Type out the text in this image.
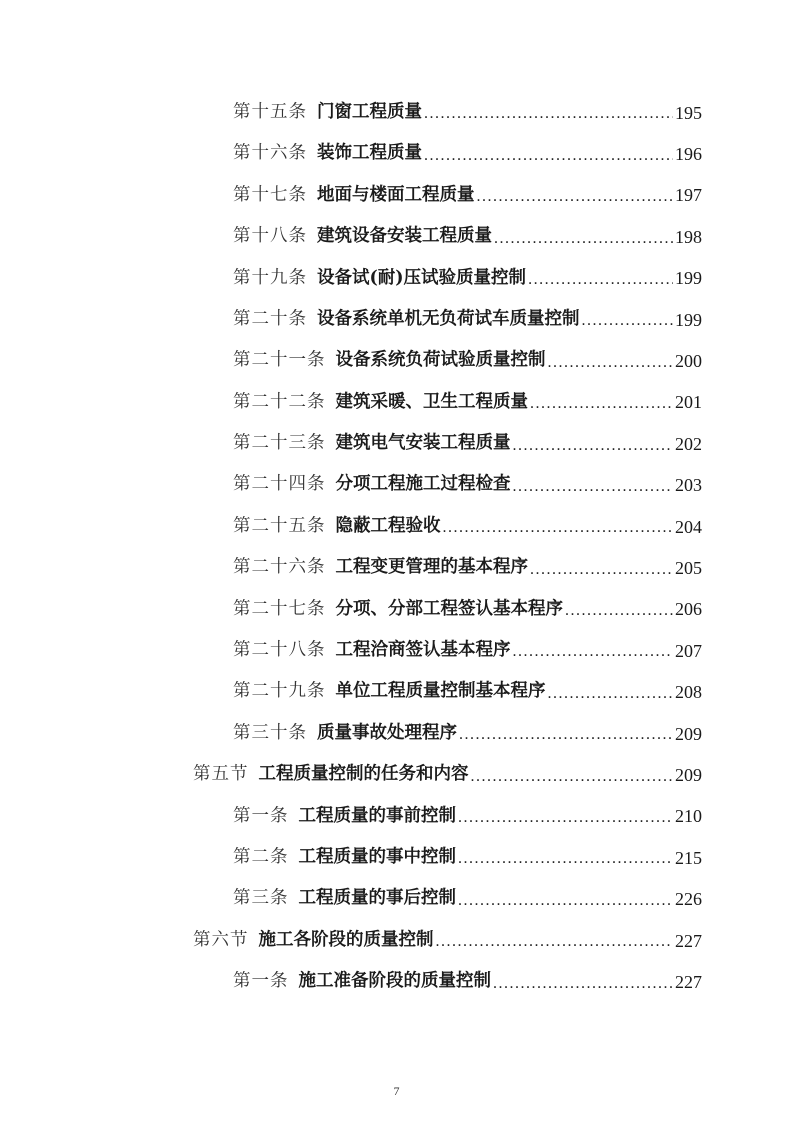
第十五条 门窗工程质量 .....	195
第十六条 装饰工程质量 .....	196
第十七条 地面与楼面工程质量 .....	197
第十八条 建筑设备安装工程质量 .....	198
第十九条 设备试(耐)压试验质量控制 .....	199
第二十条 设备系统单机无负荷试车质量控制 .....	199
第二十一条 设备系统负荷试验质量控制 .....	200
第二十二条 建筑采暖、卫生工程质量 .....	201
第二十三条 建筑电气安装工程质量 .....	202
第二十四条 分项工程施工过程检查 .....	203
第二十五条 隐蔽工程验收 .....	204
第二十六条 工程变更管理的基本程序 .....	205
第二十七条 分项、分部工程签认基本程序 .....	206
第二十八条 工程洽商签认基本程序 .....	207
第二十九条 单位工程质量控制基本程序 .....	208
第三十条 质量事故处理程序 .....	209
第五节 工程质量控制的任务和内容 .....	209
第一条 工程质量的事前控制 .....	210
第二条 工程质量的事中控制 .....	215
第三条 工程质量的事后控制 .....	226
第六节 施工各阶段的质量控制 .....	227
第一条 施工准备阶段的质量控制 .....	227
7
